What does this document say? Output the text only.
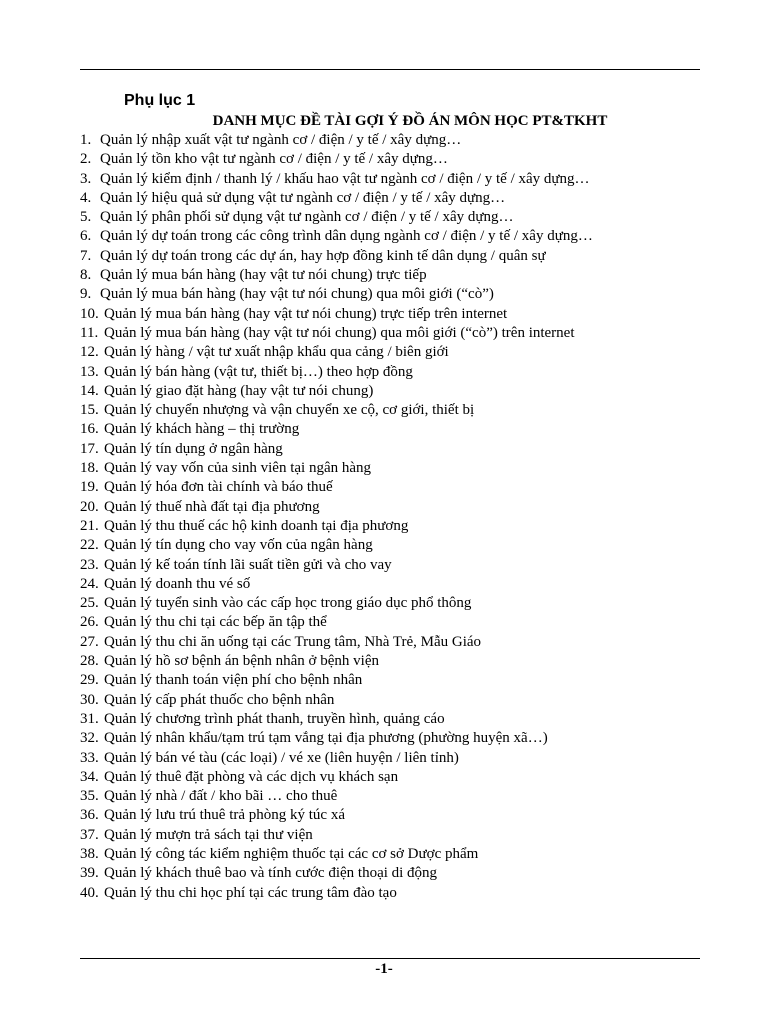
Phụ lục 1
DANH MỤC ĐỀ TÀI GỢI Ý ĐỒ ÁN MÔN HỌC PT&TKHT
1. Quản lý nhập xuất vật tư ngành cơ / điện / y tế / xây dựng…
2. Quản lý tồn kho vật tư ngành cơ / điện / y tế / xây dựng…
3. Quản lý kiểm định / thanh lý / khấu hao vật tư ngành cơ / điện / y tế / xây dựng…
4. Quản lý hiệu quả sử dụng vật tư ngành cơ / điện / y tế / xây dựng…
5. Quản lý phân phối sử dụng vật tư ngành cơ / điện / y tế / xây dựng…
6. Quản lý dự toán trong các công trình dân dụng ngành cơ / điện / y tế / xây dựng…
7. Quản lý dự toán trong các dự án, hay hợp đồng kinh tế dân dụng / quân sự
8. Quản lý mua bán hàng (hay vật tư nói chung) trực tiếp
9. Quản lý mua bán hàng (hay vật tư nói chung) qua môi giới (“cò”)
10. Quản lý mua bán hàng (hay vật tư nói chung) trực tiếp trên internet
11. Quản lý mua bán hàng (hay vật tư nói chung) qua môi giới (“cò”) trên internet
12. Quản lý hàng / vật tư xuất nhập khẩu qua cảng / biên giới
13. Quản lý bán hàng (vật tư, thiết bị…) theo hợp đồng
14. Quản lý giao đặt hàng (hay vật tư nói chung)
15. Quản lý chuyển nhượng và vận chuyển xe cộ, cơ giới, thiết bị
16. Quản lý khách hàng – thị trường
17. Quản lý tín dụng ở ngân hàng
18. Quản lý vay vốn của sinh viên tại ngân hàng
19. Quản lý hóa đơn tài chính và báo thuế
20. Quản lý thuế nhà đất tại địa phương
21. Quản lý thu thuế các hộ kinh doanh tại địa phương
22. Quản lý tín dụng cho vay vốn của ngân hàng
23. Quản lý kế toán tính lãi suất tiền gửi và cho vay
24. Quản lý doanh thu vé số
25. Quản lý tuyển sinh vào các cấp học trong giáo dục phổ thông
26. Quản lý thu chi tại các bếp ăn tập thể
27. Quản lý thu chi ăn uống tại các Trung tâm, Nhà Trẻ, Mẫu Giáo
28. Quản lý hồ sơ bệnh án bệnh nhân ở bệnh viện
29. Quản lý thanh toán viện phí cho bệnh nhân
30. Quản lý cấp phát thuốc cho bệnh nhân
31. Quản lý chương trình phát thanh, truyền hình, quảng cáo
32. Quản lý nhân khẩu/tạm trú tạm vắng tại địa phương (phường huyện xã…)
33. Quản lý bán vé tàu (các loại) / vé xe (liên huyện / liên tỉnh)
34. Quản lý thuê đặt phòng và các dịch vụ khách sạn
35. Quản lý nhà / đất / kho bãi … cho thuê
36. Quản lý lưu trú thuê trả phòng ký túc xá
37. Quản lý mượn trả sách tại thư viện
38. Quản lý công tác kiểm nghiệm thuốc tại các cơ sở Dược phẩm
39. Quản lý khách thuê bao và tính cước điện thoại di động
40. Quản lý thu chi học phí tại các trung tâm đào tạo
-1-
